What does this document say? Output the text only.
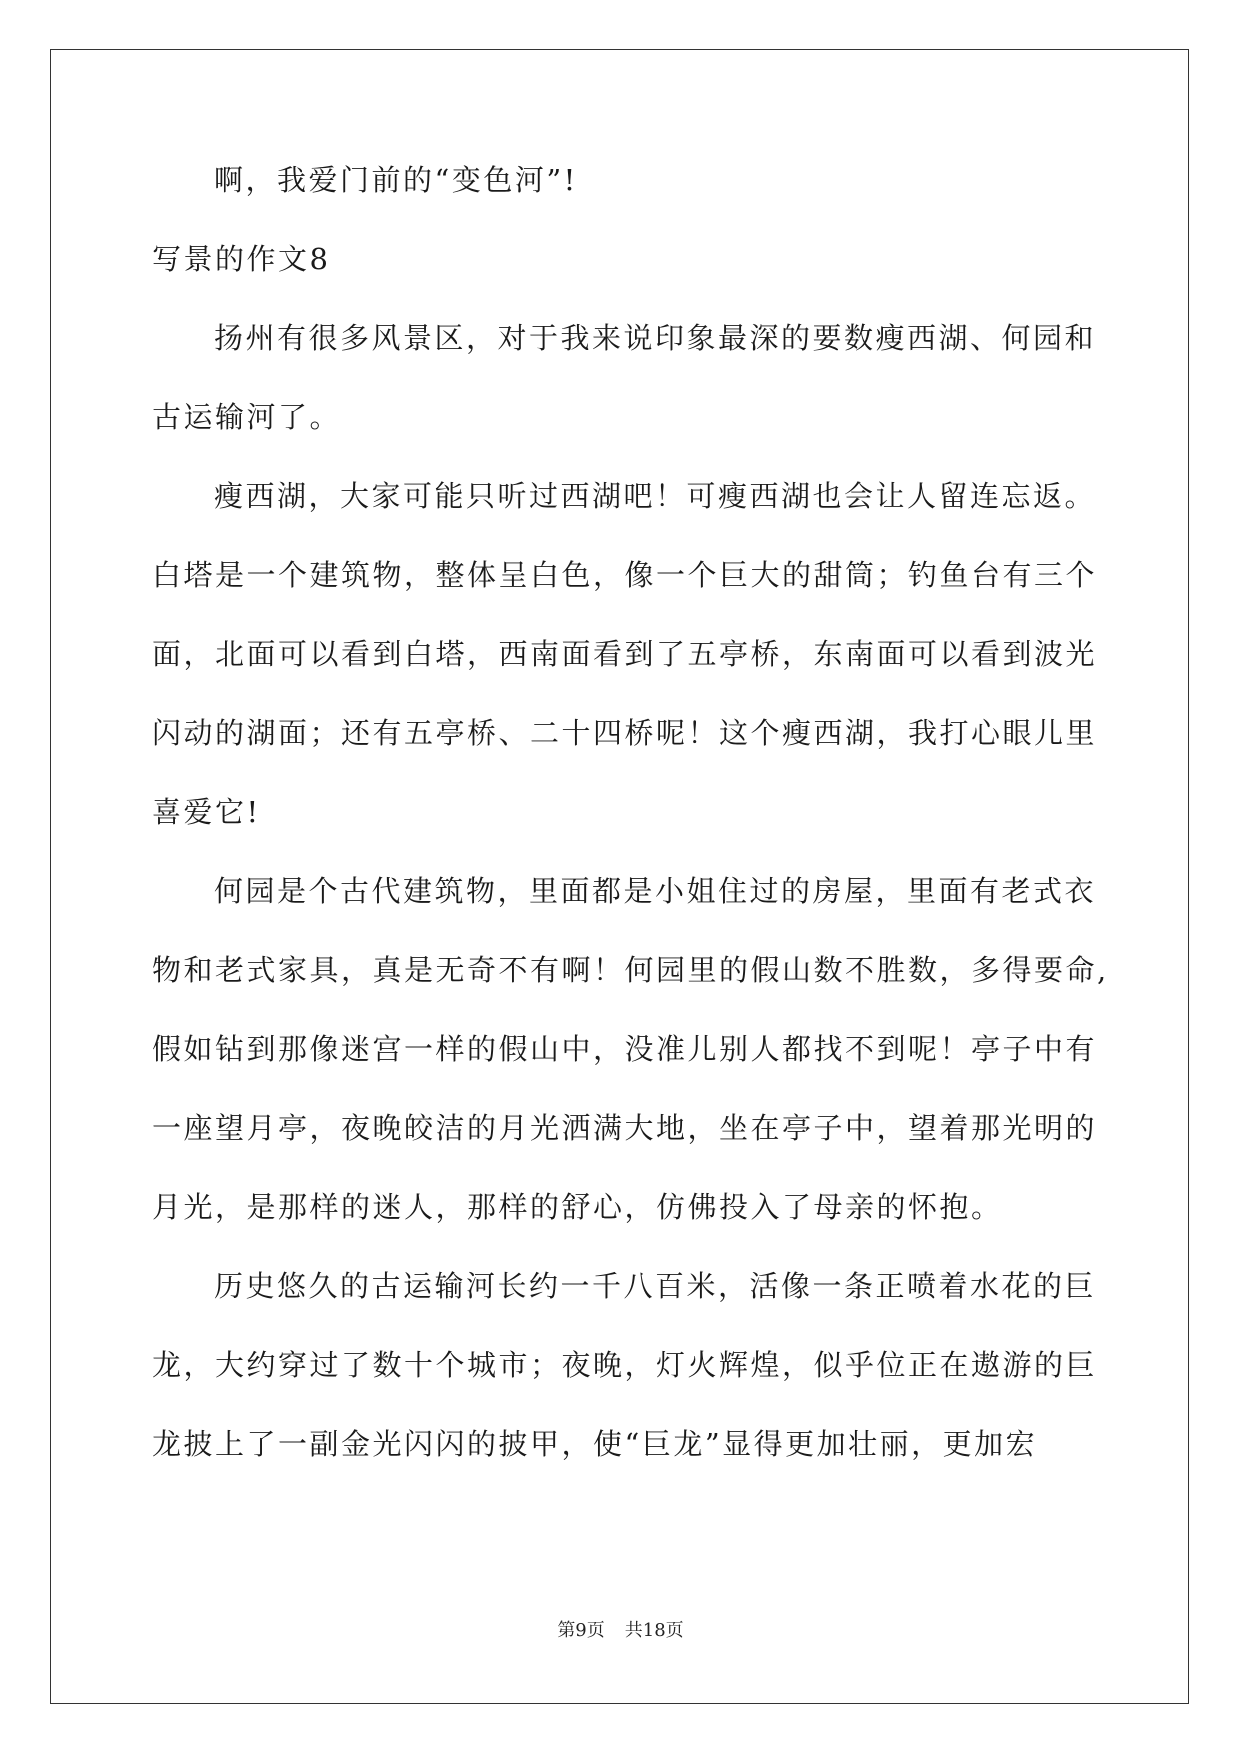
啊，我爱门前的“变色河”!

写景的作文8

扬州有很多风景区，对于我来说印象最深的要数瘦西湖、何园和

古运输河了。

瘦西湖，大家可能只听过西湖吧！可瘦西湖也会让人留连忘返。

白塔是一个建筑物，整体呈白色，像一个巨大的甜筒；钓鱼台有三个

面，北面可以看到白塔，西南面看到了五亭桥，东南面可以看到波光

闪动的湖面；还有五亭桥、二十四桥呢！这个瘦西湖，我打心眼儿里

喜爱它!

何园是个古代建筑物，里面都是小姐住过的房屋，里面有老式衣

物和老式家具，真是无奇不有啊！何园里的假山数不胜数，多得要命,

假如钻到那像迷宫一样的假山中，没准儿别人都找不到呢！亭子中有

一座望月亭，夜晚皎洁的月光洒满大地，坐在亭子中，望着那光明的

月光，是那样的迷人，那样的舒心，仿佛投入了母亲的怀抱。

历史悠久的古运输河长约一千八百米，活像一条正喷着水花的巨

龙，大约穿过了数十个城市；夜晚，灯火辉煌，似乎位正在遨游的巨

龙披上了一副金光闪闪的披甲，使“巨龙”显得更加壮丽，更加宏

第9页 共18页
